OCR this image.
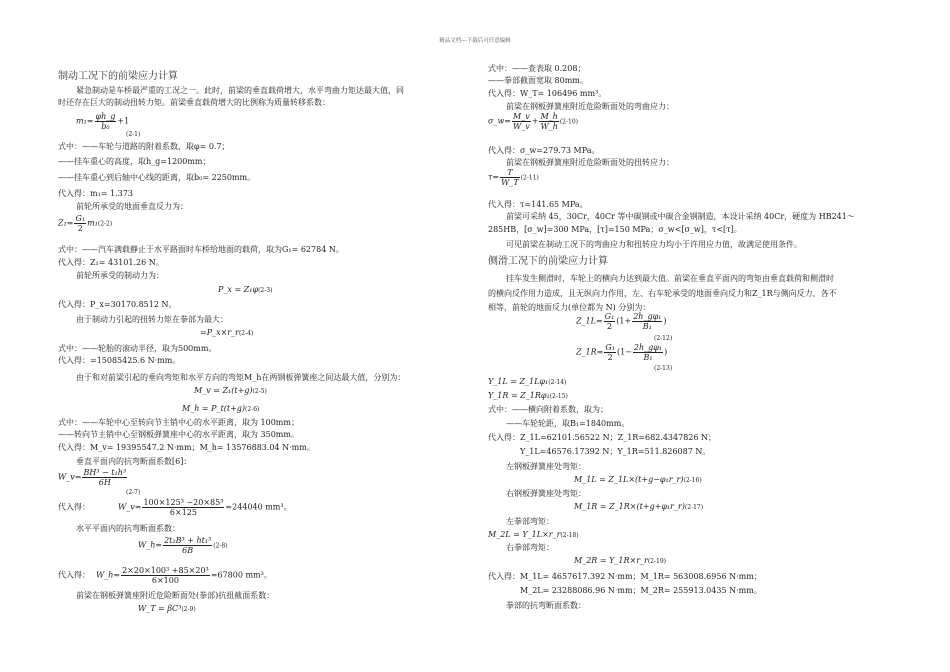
精品文档---下载后可任意编辑
制动工况下的前梁应力计算
紧急制动是车桥最严重的工况之一。此时，前梁的垂直载荷增大，水平弯曲力矩达最大值，同
时还存在巨大的制动扭转力矩。前梁垂直载荷增大的比例称为质量转移系数：
$m_1= \frac{\varphi h\_g}{\text{b₀}} +1$
(2-1)
式中：——车轮与道路的附着系数，取φ= 0.7；
——挂车重心的高度，取h_g=1200mm；
——挂车重心到后轴中心线的距离，取b₀= 2250mm。
代入得：m₁= 1.373
前轮所承受的地面垂直反力为：
$Z_1= \frac{\text{G₁}}{2} m_1(2-2)$
式中：——汽车满载静止于水平路面时车桥给地面的载荷，取为G₁= 62784 N。
代入得：Z₁= 43101.26 N。
前轮所承受的制动力为：
P_x = Z₁φ(2-3)
代入得：P_x=30170.8512 N。
由于制动力引起的扭转力矩在拳部为最大：
=P_x×r_r(2-4)
式中：——轮胎的滚动半径，取为500mm。
代入得：=15085425.6 N·mm。
由于和对前梁引起的垂向弯矩和水平方向的弯矩M_h在两钢板弹簧座之间达最大值，分别为：
M_v = Z₁(t+g)(2-5)
M_h = P_t(t+g)(2-6)
式中：——车轮中心至转向节主销中心的水平距离，取为 100mm；
——转向节主销中心至钢板弹簧座中心的水平距离，取为 350mm。
代入得：M_v= 19395547.2 N·mm；M_h= 13576883.04 N·mm。
垂直平面内的抗弯断面系数[6]：
W_v= $\frac{\text{BH³ − t₁h³}}{6H}$
(2-7)
代入得：	W_v= $\frac{\text{100×125³ −20×85³}}{6\times 125} =244040$ mm³。
水平平面内的抗弯断面系数：
W_h= $\frac{\text{2t₂B³ + ht₁³}}{6B} (2-8)$
代入得： W_h= $\frac{\text{2×20×100³ +85×20³}}{6\times 100} =67800$ mm³。
前梁在钢板弹簧座附近危险断面处(拳部)抗扭截面系数：
W_T = βC³(2-9)
式中：——查表取 0.208；
——拳部截面宽取 80mm。
代入得：W_T= 106496 mm³。
前梁在钢板弹簧座附近危险断面处的弯曲应力：
σ_w= $\frac{M\_v}{W\_v} + \frac{M\_h}{W\_h} (2-10)$
代入得：σ_w=279.73 MPa。
前梁在钢板弹簧座附近危险断面处的扭转应力：
$\tau= \frac{T}{W\_T} (2-11)$
代入得：τ=141.65 MPa。
前梁可采纳 45，30Cr，40Cr 等中碳钢或中碳合金钢制造，本设计采纳 40Cr，硬度为 HB241～
285HB，[σ_w]=300 MPa，[τ]=150 MPa；σ_w<[σ_w]，τ<[τ]。
可见前梁在制动工况下的弯曲应力和扭转应力均小于许用应力值，故满足使用条件。
侧滑工况下的前梁应力计算
挂车发生侧滑时，车轮上的横向力达到最大值。前梁在垂直平面内的弯矩由垂直载荷和侧滑时
的横向反作用力造成，且无纵向力作用，左、右车轮承受的地面垂向反力和Z_1R与侧向反力，各不
相等，前轮的地面反力(单位都为 N) 分别为：
Z_1L= $\frac{\text{G₁}}{2} (1+ \frac{\text{2h\_gφ₁}}{\text{B₁}}$ )
(2-12)
Z_1R= $\frac{\text{G₁}}{2} (1- \frac{\text{2h\_gφ₁}}{\text{B₁}}$ )
(2-13)
Y_1L = Z_1Lφ₁(2-14)
Y_1R = Z_1Rφ₁(2-15)
式中：——横向附着系数，取为；
——车轮轮距，取B₁=1840mm。
代入得：Z_1L=62101.56522 N；Z_1R=682.4347826 N；
Y_1L=46576.17392 N；Y_1R=511.826087 N。
左钢板弹簧座处弯矩：
M_1L = Z_1L×(t+g−φ₁r_r)(2-16)
右钢板弹簧座处弯矩：
M_1R = Z_1R×(t+g+φ₁r_r)(2-17)
左拳部弯矩：
M_2L = Y_1L×r_r(2-18)
右拳部弯矩：
M_2R = Y_1R×r_r(2-19)
代入得：M_1L= 4657617.392 N·mm；M_1R= 563008.6956 N·mm；
M_2L= 23288086.96 N·mm；M_2R= 255913.0435 N·mm。
拳部的抗弯断面系数：
